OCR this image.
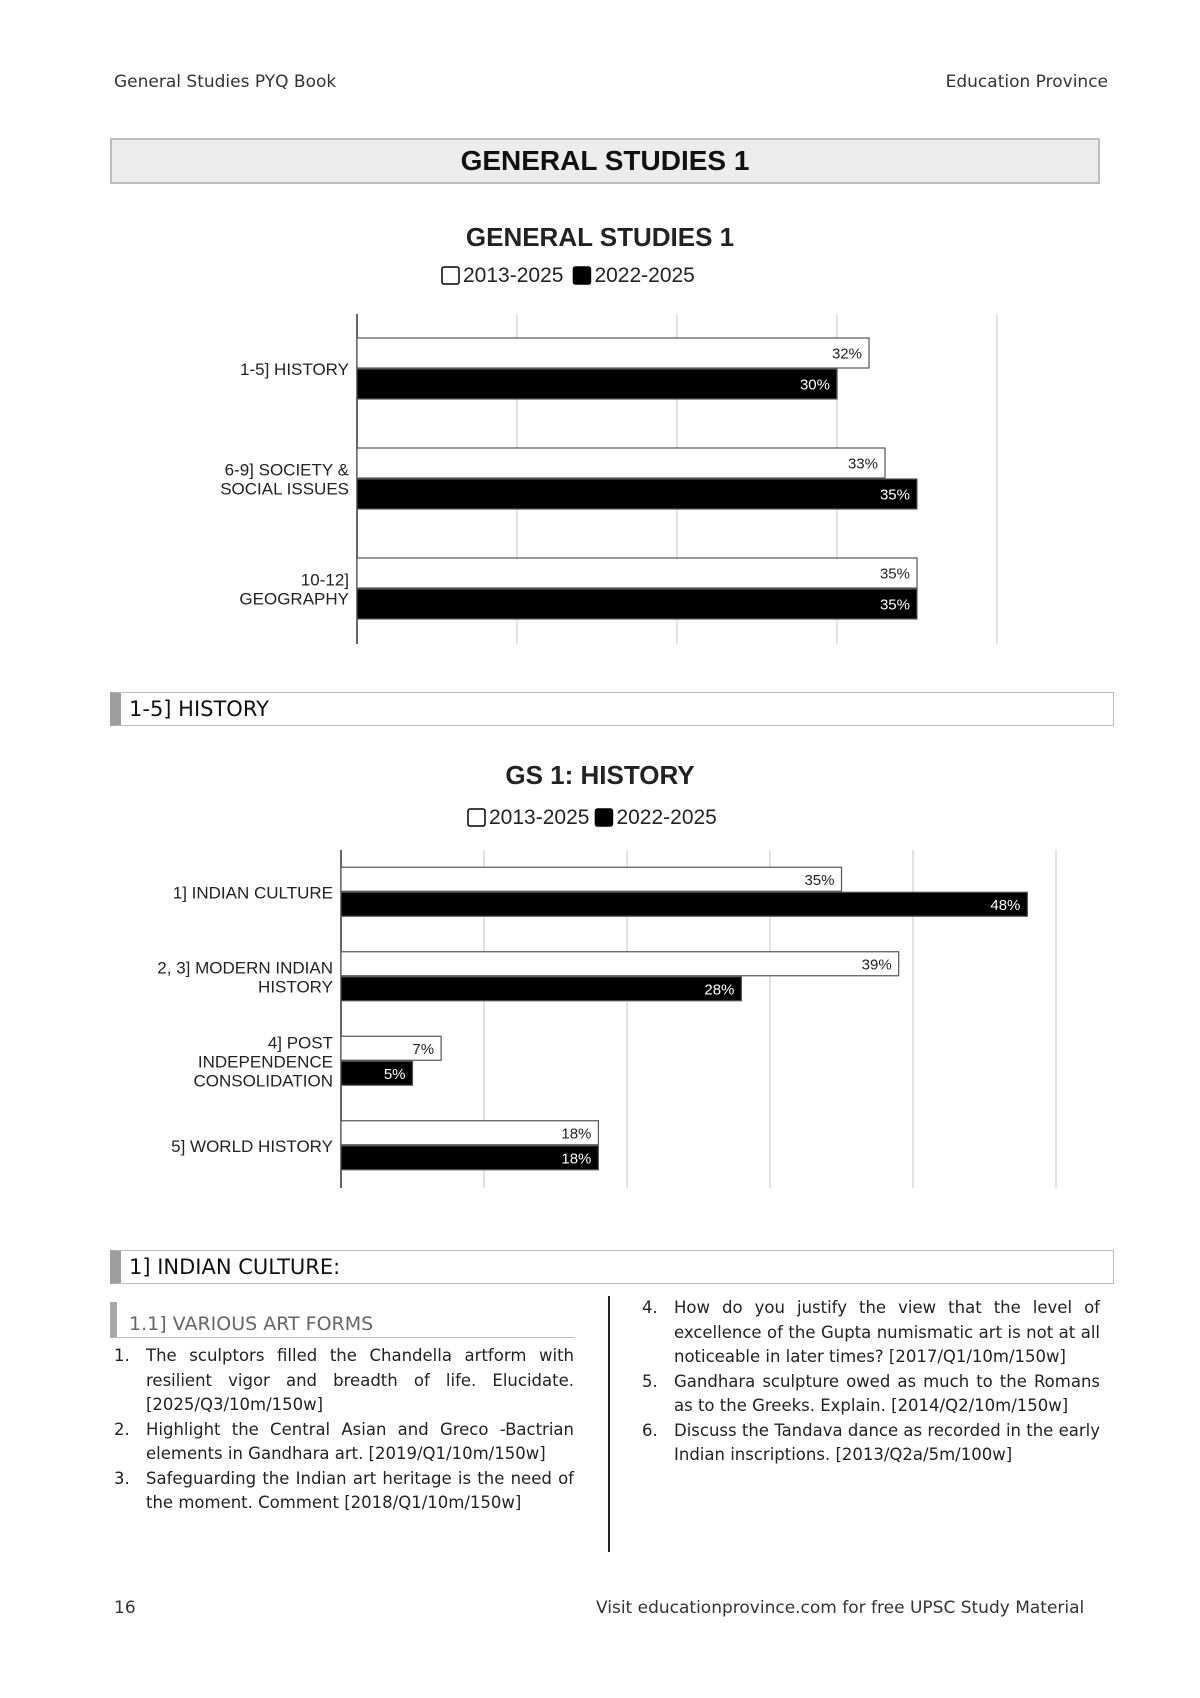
General Studies PYQ Book	Education Province
GENERAL STUDIES 1
GENERAL STUDIES 1
2013-2025 2022-2025
1-5] HISTORY
32%
30%
6-9] SOCIETY &
SOCIAL ISSUES
33%
35%
10-12]
GEOGRAPHY
35%
35%
1-5] HISTORY
GS 1: HISTORY
2013-2025 2022-2025
1] INDIAN CULTURE
35%
48%
2, 3] MODERN INDIAN
HISTORY
39%
28%
4] POST
INDEPENDENCE
CONSOLIDATION
7%
5%
5] WORLD HISTORY
18%
18%
1] INDIAN CULTURE:
1.1] VARIOUS ART FORMS
1. The sculptors filled the Chandella artform with resilient vigor and breadth of life. Elucidate. [2025/Q3/10m/150w]
2. Highlight the Central Asian and Greco -Bactrian elements in Gandhara art. [2019/Q1/10m/150w]
3. Safeguarding the Indian art heritage is the need of the moment. Comment [2018/Q1/10m/150w]
4. How do you justify the view that the level of excellence of the Gupta numismatic art is not at all noticeable in later times? [2017/Q1/10m/150w]
5. Gandhara sculpture owed as much to the Romans as to the Greeks. Explain. [2014/Q2/10m/150w]
6. Discuss the Tandava dance as recorded in the early Indian inscriptions. [2013/Q2a/5m/100w]
16	Visit educationprovince.com for free UPSC Study Material
